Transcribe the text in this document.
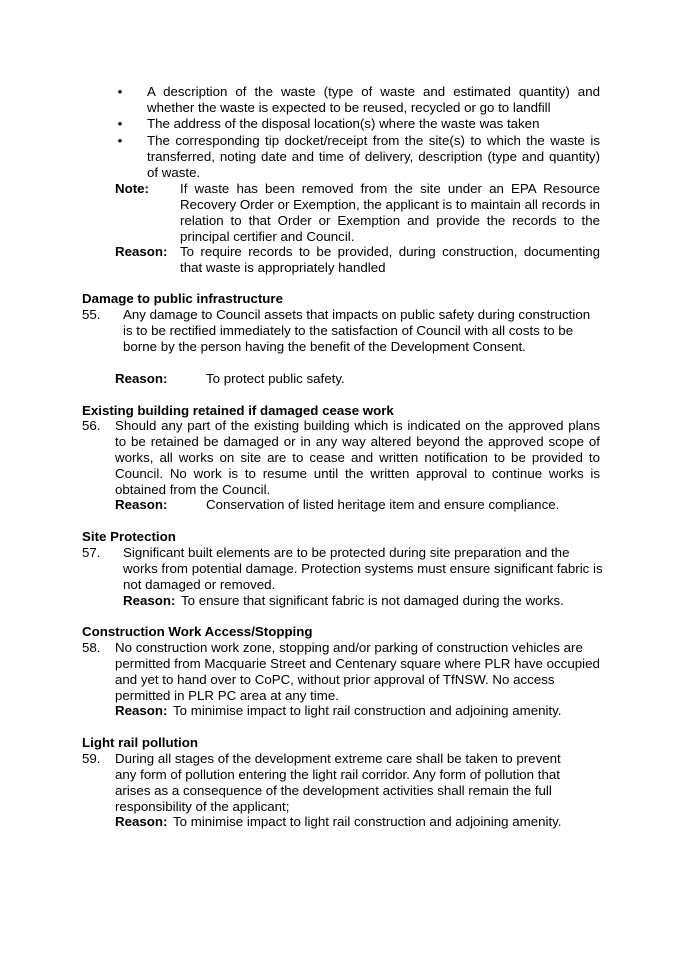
• A description of the waste (type of waste and estimated quantity) and whether the waste is expected to be reused, recycled or go to landfill
• The address of the disposal location(s) where the waste was taken
• The corresponding tip docket/receipt from the site(s) to which the waste is transferred, noting date and time of delivery, description (type and quantity) of waste.
Note: If waste has been removed from the site under an EPA Resource Recovery Order or Exemption, the applicant is to maintain all records in relation to that Order or Exemption and provide the records to the principal certifier and Council.
Reason: To require records to be provided, during construction, documenting that waste is appropriately handled
Damage to public infrastructure
55. Any damage to Council assets that impacts on public safety during construction is to be rectified immediately to the satisfaction of Council with all costs to be borne by the person having the benefit of the Development Consent.
Reason:	To protect public safety.
Existing building retained if damaged cease work
56. Should any part of the existing building which is indicated on the approved plans to be retained be damaged or in any way altered beyond the approved scope of works, all works on site are to cease and written notification to be provided to Council. No work is to resume until the written approval to continue works is obtained from the Council.
Reason:	Conservation of listed heritage item and ensure compliance.
Site Protection
57. Significant built elements are to be protected during site preparation and the works from potential damage. Protection systems must ensure significant fabric is not damaged or removed.
Reason: To ensure that significant fabric is not damaged during the works.
Construction Work Access/Stopping
58. No construction work zone, stopping and/or parking of construction vehicles are permitted from Macquarie Street and Centenary square where PLR have occupied and yet to hand over to CoPC, without prior approval of TfNSW. No access permitted in PLR PC area at any time.
Reason: To minimise impact to light rail construction and adjoining amenity.
Light rail pollution
59. During all stages of the development extreme care shall be taken to prevent any form of pollution entering the light rail corridor. Any form of pollution that arises as a consequence of the development activities shall remain the full responsibility of the applicant;
Reason: To minimise impact to light rail construction and adjoining amenity.
